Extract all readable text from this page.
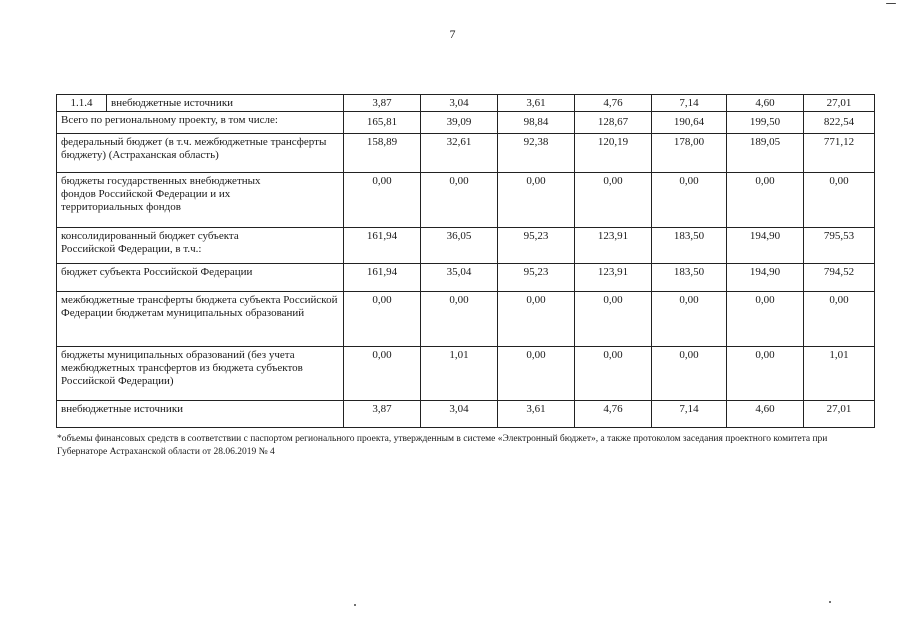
7
1.1.4	внебюджетные источники	3,87	3,04	3,61	4,76	7,14	4,60	27,01
Всего по региональному проекту, в том числе:		165,81	39,09	98,84	128,67	190,64	199,50	822,54
федеральный бюджет (в т.ч. межбюджетные трансферты бюджету) (Астраханская область)		158,89	32,61	92,38	120,19	178,00	189,05	771,12

бюджеты государственных внебюджетных фондов Российской Федерации и их территориальных фондов		0,00	0,00	0,00	0,00	0,00	0,00	0,00

консолидированный бюджет субъекта Российской Федерации, в т.ч.:		161,94	36,05	95,23	123,91	183,50	194,90	795,53
бюджет субъекта Российской Федерации		161,94	35,04	95,23	123,91	183,50	194,90	794,52
межбюджетные трансферты бюджета субъекта Российской Федерации бюджетам муниципальных образований		0,00	0,00	0,00	0,00	0,00	0,00	0,00
бюджеты муниципальных образований (без учета межбюджетных трансфертов из бюджета субъектов Российской Федерации)		0,00	1,01	0,00	0,00	0,00	0,00	1,01
внебюджетные источники		3,87	3,04	3,61	4,76	7,14	4,60	27,01
*объемы финансовых средств в соответствии с паспортом регионального проекта, утвержденным в системе «Электронный бюджет», а также протоколом заседания проектного комитета при Губернаторе Астраханской области от 28.06.2019 № 4
